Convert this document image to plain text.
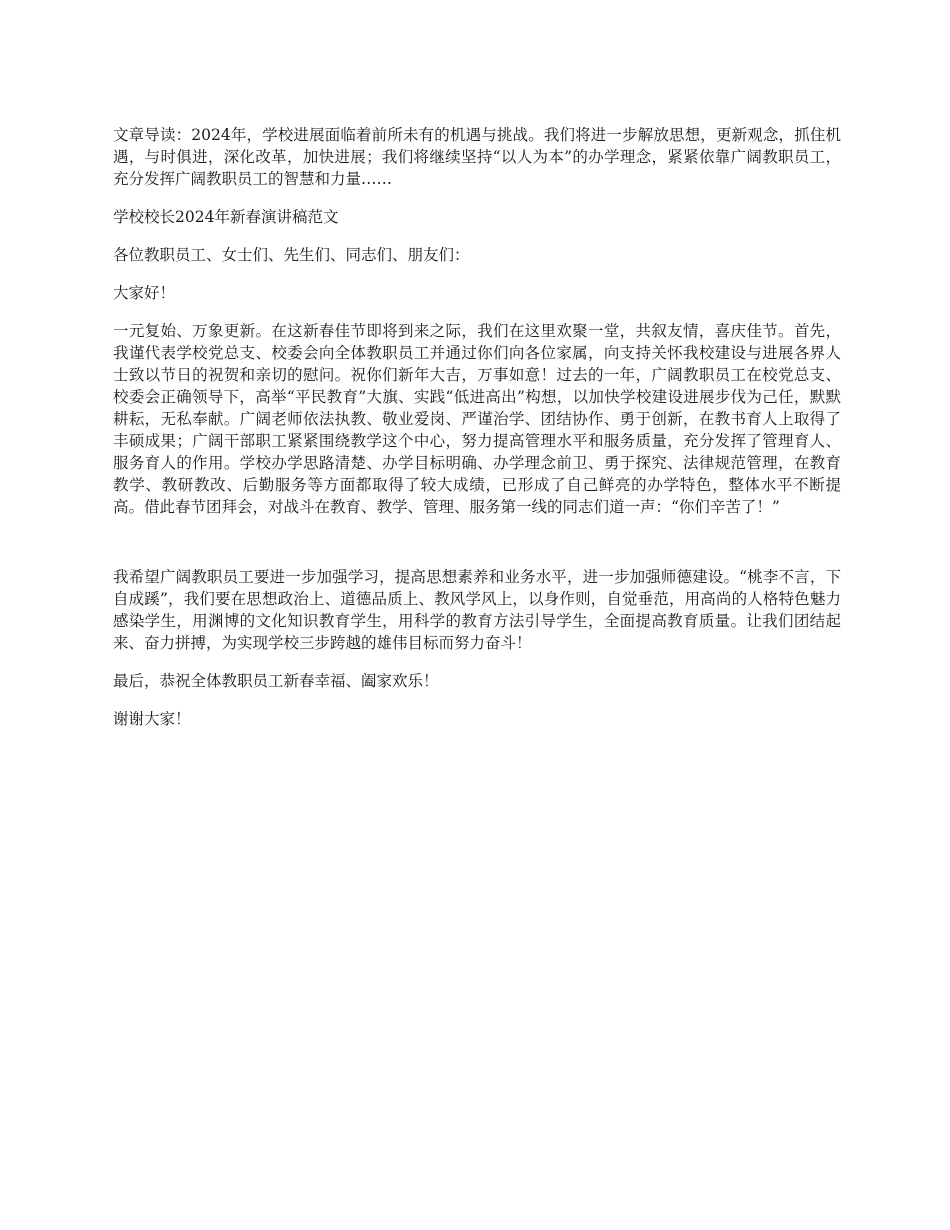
文章导读：2024年，学校进展面临着前所未有的机遇与挑战。我们将进一步解放思想，更新观念，抓住机遇，与时俱进，深化改革，加快进展；我们将继续坚持“以人为本”的办学理念，紧紧依靠广阔教职员工，充分发挥广阔教职员工的智慧和力量……

学校校长2024年新春演讲稿范文

各位教职员工、女士们、先生们、同志们、朋友们：

大家好！

一元复始、万象更新。在这新春佳节即将到来之际，我们在这里欢聚一堂，共叙友情，喜庆佳节。首先，我谨代表学校党总支、校委会向全体教职员工并通过你们向各位家属，向支持关怀我校建设与进展各界人士致以节日的祝贺和亲切的慰问。祝你们新年大吉，万事如意！过去的一年，广阔教职员工在校党总支、校委会正确领导下，高举“平民教育”大旗、实践“低进高出”构想，以加快学校建设进展步伐为己任，默默耕耘，无私奉献。广阔老师依法执教、敬业爱岗、严谨治学、团结协作、勇于创新，在教书育人上取得了丰硕成果；广阔干部职工紧紧围绕教学这个中心，努力提高管理水平和服务质量，充分发挥了管理育人、服务育人的作用。学校办学思路清楚、办学目标明确、办学理念前卫、勇于探究、法律规范管理，在教育教学、教研教改、后勤服务等方面都取得了较大成绩，已形成了自己鲜亮的办学特色，整体水平不断提高。借此春节团拜会，对战斗在教育、教学、管理、服务第一线的同志们道一声：“你们辛苦了！”

我希望广阔教职员工要进一步加强学习，提高思想素养和业务水平，进一步加强师德建设。“桃李不言，下自成蹊”，我们要在思想政治上、道德品质上、教风学风上，以身作则，自觉垂范，用高尚的人格特色魅力感染学生，用渊博的文化知识教育学生，用科学的教育方法引导学生，全面提高教育质量。让我们团结起来、奋力拼搏，为实现学校三步跨越的雄伟目标而努力奋斗！

最后，恭祝全体教职员工新春幸福、阖家欢乐！

谢谢大家！
